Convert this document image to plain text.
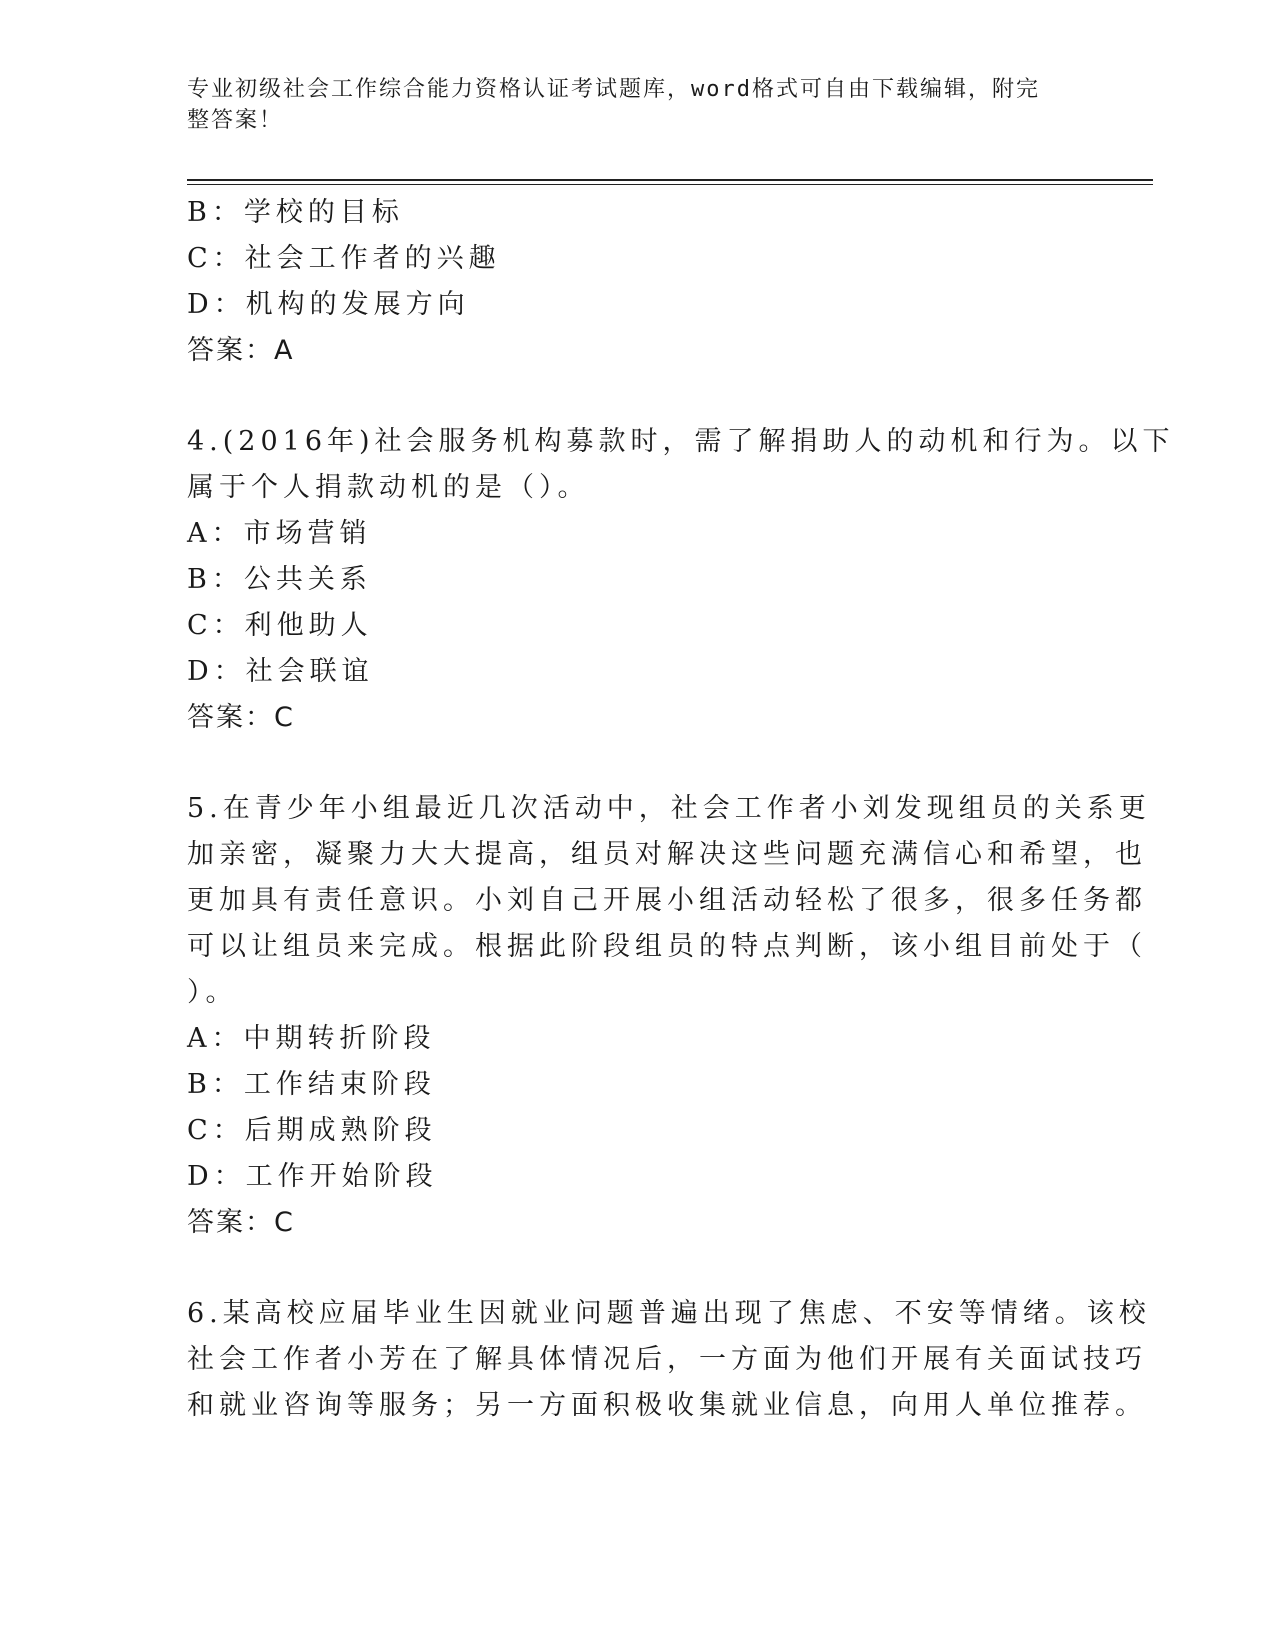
专业初级社会工作综合能力资格认证考试题库，word格式可自由下载编辑，附完
整答案！
B：学校的目标
C：社会工作者的兴趣
D：机构的发展方向
答案：A
4.(2016年)社会服务机构募款时，需了解捐助人的动机和行为。以下
属于个人捐款动机的是（）。
A：市场营销
B：公共关系
C：利他助人
D：社会联谊
答案：C
5.在青少年小组最近几次活动中，社会工作者小刘发现组员的关系更
加亲密，凝聚力大大提高，组员对解决这些问题充满信心和希望，也
更加具有责任意识。小刘自己开展小组活动轻松了很多，很多任务都
可以让组员来完成。根据此阶段组员的特点判断，该小组目前处于（
）。
A：中期转折阶段
B：工作结束阶段
C：后期成熟阶段
D：工作开始阶段
答案：C
6.某高校应届毕业生因就业问题普遍出现了焦虑、不安等情绪。该校
社会工作者小芳在了解具体情况后，一方面为他们开展有关面试技巧
和就业咨询等服务；另一方面积极收集就业信息，向用人单位推荐。
